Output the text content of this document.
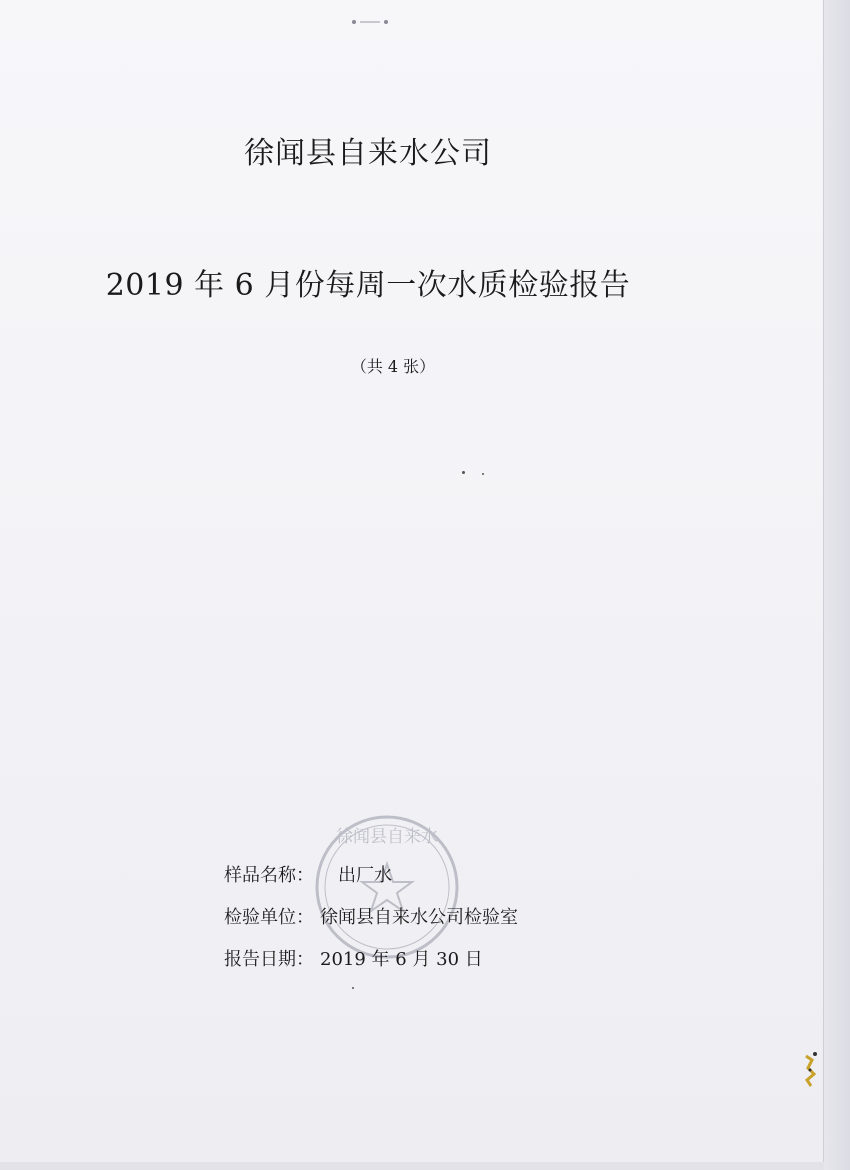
徐闻县自来水公司
2019 年 6 月份每周一次水质检验报告
（共 4 张）
徐闻县自来水
样品名称：	出厂水
检验单位： 徐闻县自来水公司检验室
报告日期： 2019 年 6 月 30 日
